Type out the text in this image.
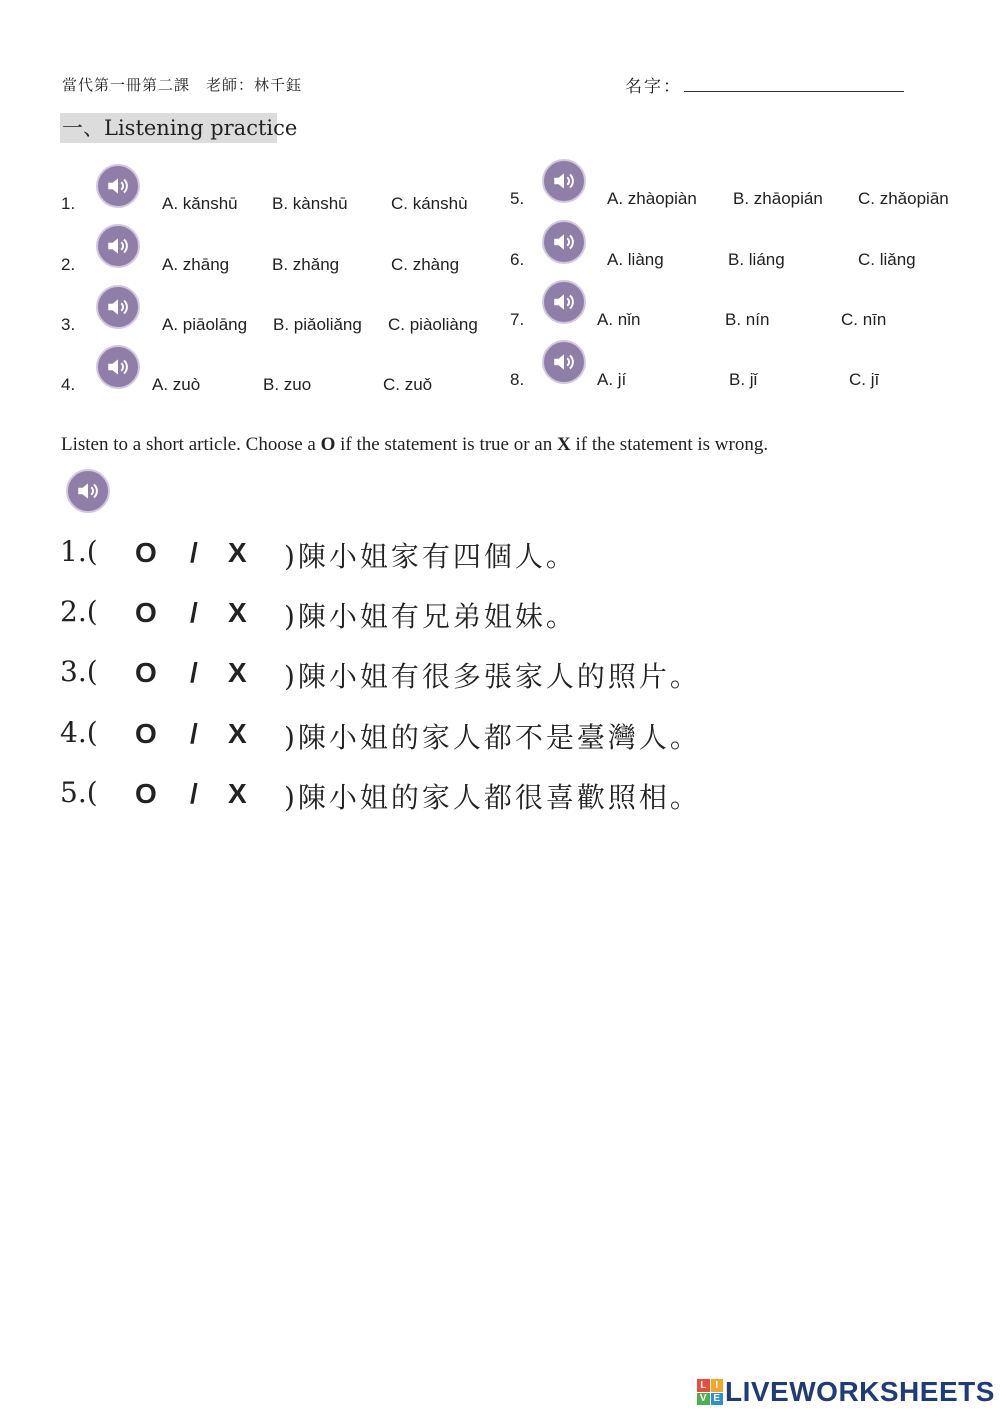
當代第一冊第二課　老師：林千鈺	名字：
一、Listening practice
1.	A. kǎnshū B. kànshū	C. kánshù
2.	A. zhāng	B. zhǎng	C. zhàng
3.	A. piāolāng B. piǎoliǎng C. piàoliàng
4.	A. zuò	B. zuo	C. zuǒ
5.	A. zhàopiàn B. zhāopián C. zhǎopiān
6.	A. liàng	B. liáng	C. liǎng
7.	A. nǐn	B. nín	C. nīn
8.	A. jí	B. jǐ	C. jī
Listen to a short article. Choose a O if the statement is true or an X if the statement is wrong.
1.( O / X )陳小姐家有四個人。
2.( O / X )陳小姐有兄弟姐妹。
3.( O / X )陳小姐有很多張家人的照片。
4.( O / X )陳小姐的家人都不是臺灣人。
5.( O / X )陳小姐的家人都很喜歡照相。
L I
V E LIVEWORKSHEETS
